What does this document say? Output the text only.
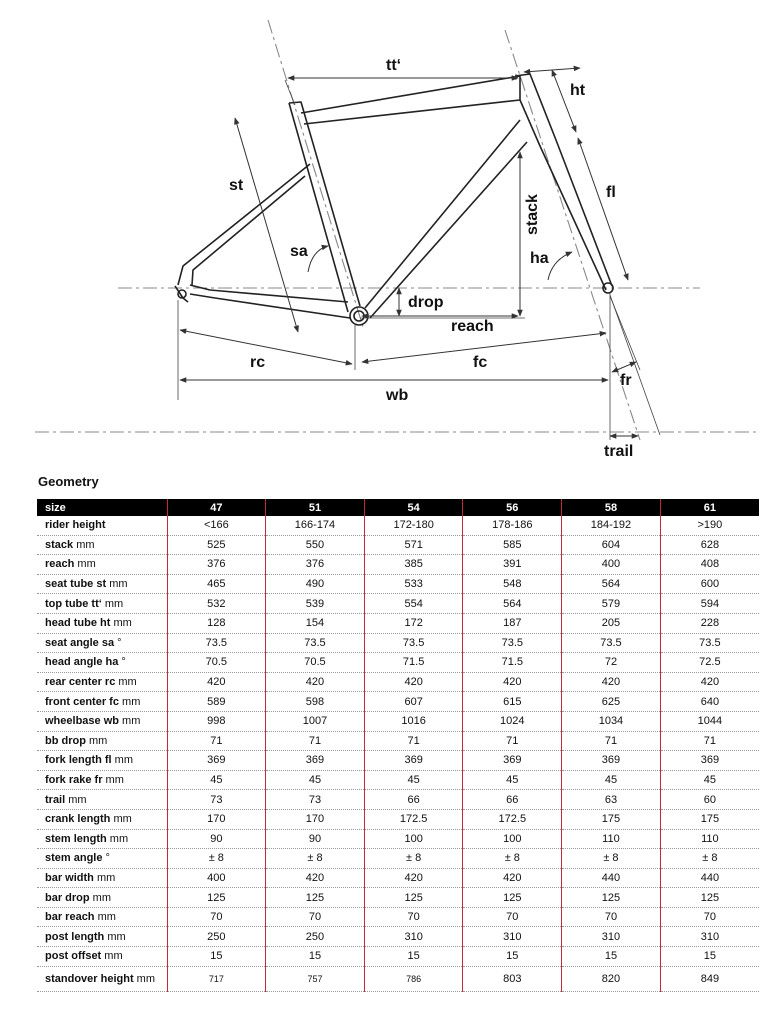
tt‘
ht
st	fl
stack
sa	ha
drop
reach
rc	fc
fr
wb
trail
Geometry
size	47	51	54	56	58	61
rider height	<166	166-174	172-180	178-186	184-192	>190
stack mm	525	550	571	585	604	628
reach mm	376	376	385	391	400	408
seat tube st mm	465	490	533	548	564	600
top tube tt‘ mm	532	539	554	564	579	594
head tube ht mm	128	154	172	187	205	228
seat angle sa °	73.5	73.5	73.5	73.5	73.5	73.5
head angle ha °	70.5	70.5	71.5	71.5	72	72.5
rear center rc mm	420	420	420	420	420	420
front center fc mm	589	598	607	615	625	640
wheelbase wb mm	998	1007	1016	1024	1034	1044
bb drop mm	71	71	71	71	71	71
fork length fl mm	369	369	369	369	369	369
fork rake fr mm	45	45	45	45	45	45
trail mm	73	73	66	66	63	60
crank length mm	170	170	172.5	172.5	175	175
stem length mm	90	90	100	100	110	110
stem angle °	± 8	± 8	± 8	± 8	± 8	± 8
bar width mm	400	420	420	420	440	440
bar drop mm	125	125	125	125	125	125
bar reach mm	70	70	70	70	70	70
post length mm	250	250	310	310	310	310
post offset mm	15	15	15	15	15	15
standover height mm	717	757	786	803	820	849
